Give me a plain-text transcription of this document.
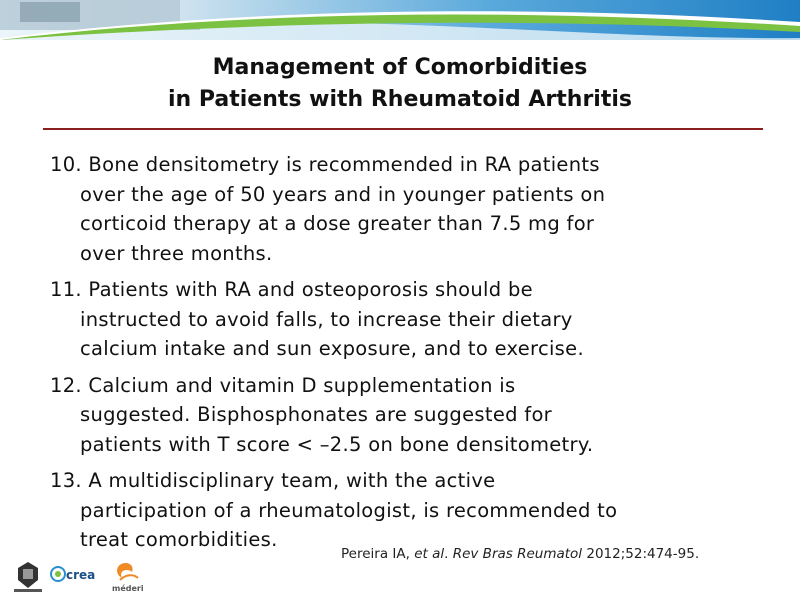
Management of Comorbidities
in Patients with Rheumatoid Arthritis
10. Bone densitometry is recommended in RA patients
over the age of 50 years and in younger patients on
corticoid therapy at a dose greater than 7.5 mg for
over three months.
11. Patients with RA and osteoporosis should be
instructed to avoid falls, to increase their dietary
calcium intake and sun exposure, and to exercise.
12. Calcium and vitamin D supplementation is
suggested. Bisphosphonates are suggested for
patients with T score < –2.5 on bone densitometry.
13. A multidisciplinary team, with the active
participation of a rheumatologist, is recommended to
treat comorbidities.
Pereira IA, et al. Rev Bras Reumatol 2012;52:474-95.
crea
méderi
